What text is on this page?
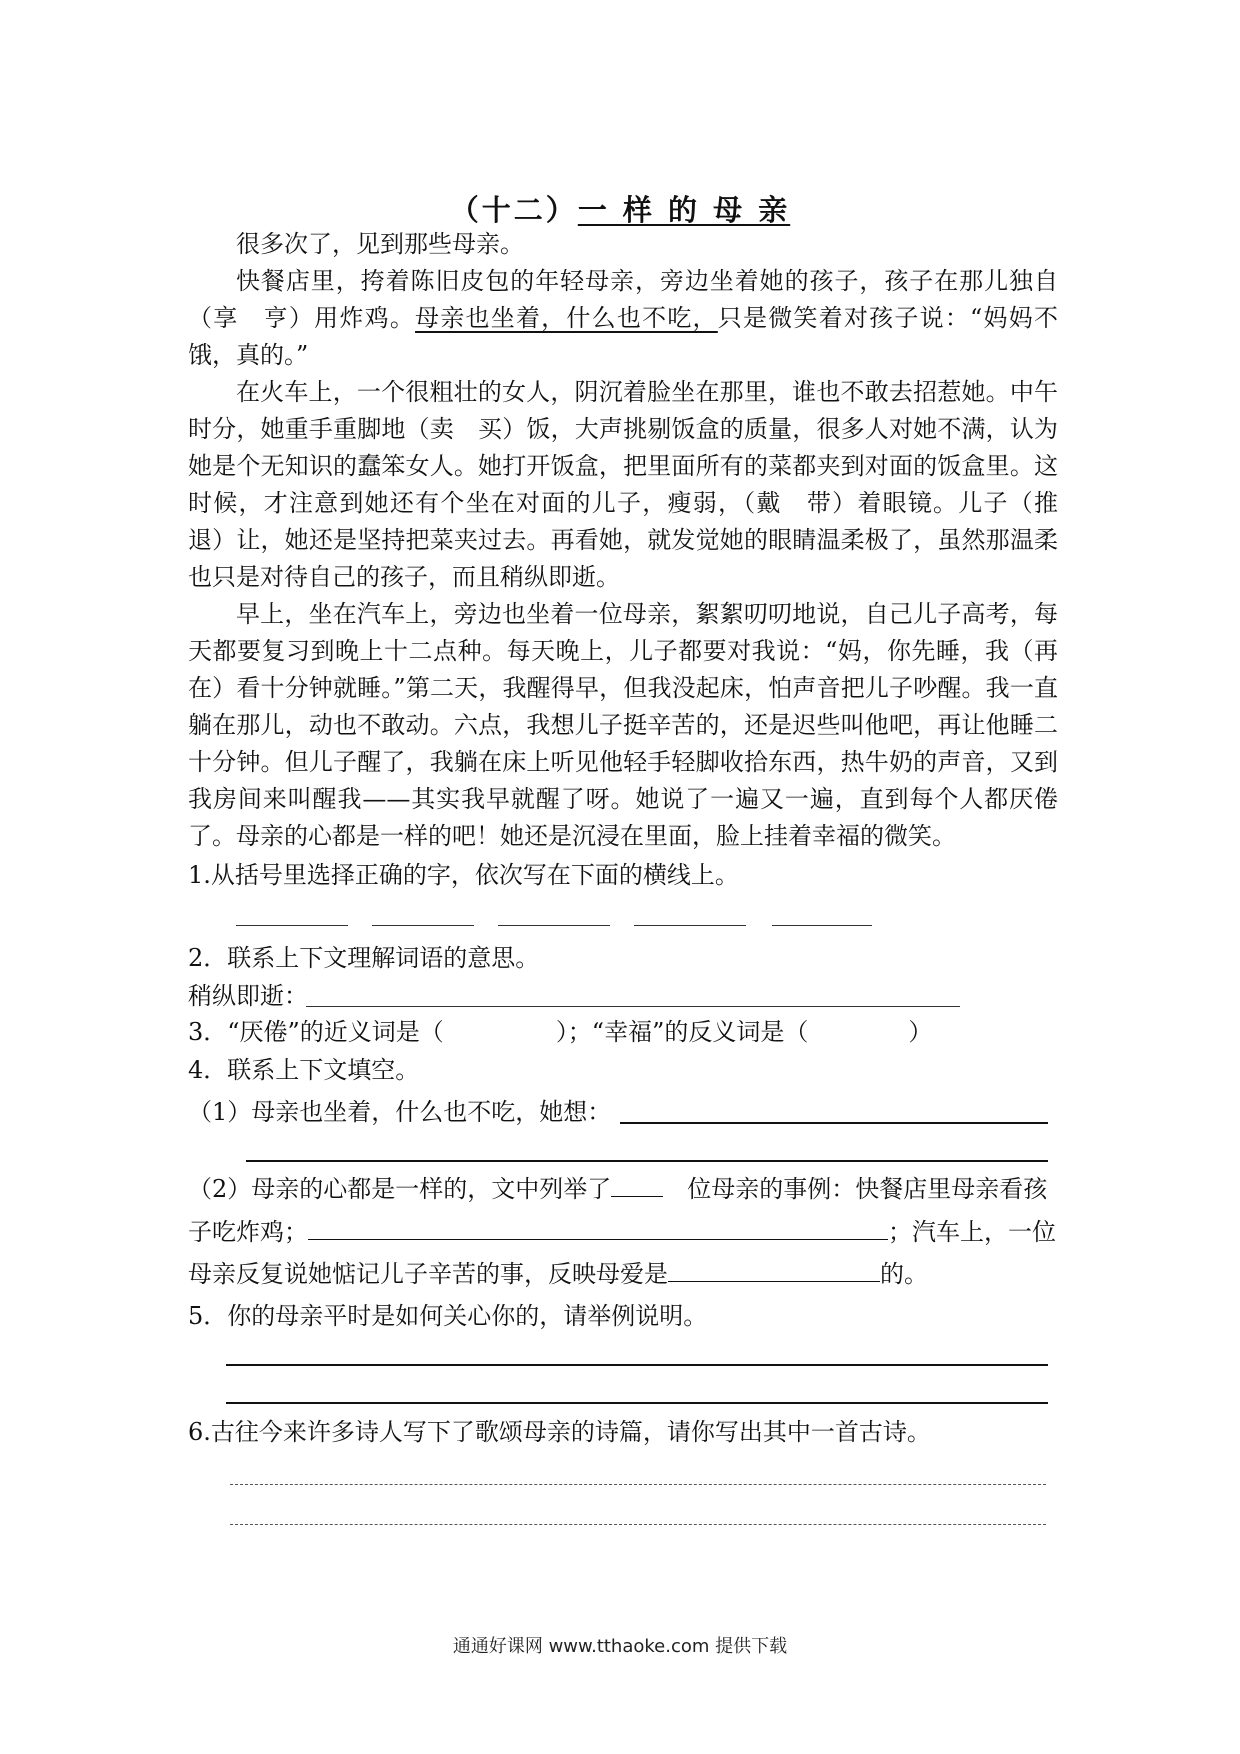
（十二）一 样 的 母 亲

很多次了，见到那些母亲。

快餐店里，挎着陈旧皮包的年轻母亲，旁边坐着她的孩子，孩子在那儿独自（享　亨）用炸鸡。母亲也坐着，什么也不吃，只是微笑着对孩子说：“妈妈不饿，真的。”

在火车上，一个很粗壮的女人，阴沉着脸坐在那里，谁也不敢去招惹她。中午时分，她重手重脚地（卖　买）饭，大声挑剔饭盒的质量，很多人对她不满，认为她是个无知识的蠢笨女人。她打开饭盒，把里面所有的菜都夹到对面的饭盒里。这时候，才注意到她还有个坐在对面的儿子，瘦弱，（戴　带）着眼镜。儿子（推　退）让，她还是坚持把菜夹过去。再看她，就发觉她的眼睛温柔极了，虽然那温柔也只是对待自己的孩子，而且稍纵即逝。

早上，坐在汽车上，旁边也坐着一位母亲，絮絮叨叨地说，自己儿子高考，每天都要复习到晚上十二点种。每天晚上，儿子都要对我说：“妈，你先睡，我（再　在）看十分钟就睡。”第二天，我醒得早，但我没起床，怕声音把儿子吵醒。我一直躺在那儿，动也不敢动。六点，我想儿子挺辛苦的，还是迟些叫他吧，再让他睡二十分钟。但儿子醒了，我躺在床上听见他轻手轻脚收拾东西，热牛奶的声音，又到我房间来叫醒我——其实我早就醒了呀。她说了一遍又一遍，直到每个人都厌倦了。母亲的心都是一样的吧！她还是沉浸在里面，脸上挂着幸福的微笑。

1.从括号里选择正确的字，依次写在下面的横线上。
2．联系上下文理解词语的意思。
稍纵即逝：
3．“厌倦”的近义词是（	）；“幸福”的反义词是（	）
4．联系上下文填空。
（1）母亲也坐着，什么也不吃，她想：
（2）母亲的心都是一样的，文中列举了　	位母亲的事例：快餐店里母亲看孩
子吃炸鸡；	；汽车上，一位
母亲反复说她惦记儿子辛苦的事，反映母爱是	的。
5．你的母亲平时是如何关心你的，请举例说明。
6.古往今来许多诗人写下了歌颂母亲的诗篇，请你写出其中一首古诗。
通通好课网 www.tthaoke.com 提供下载
